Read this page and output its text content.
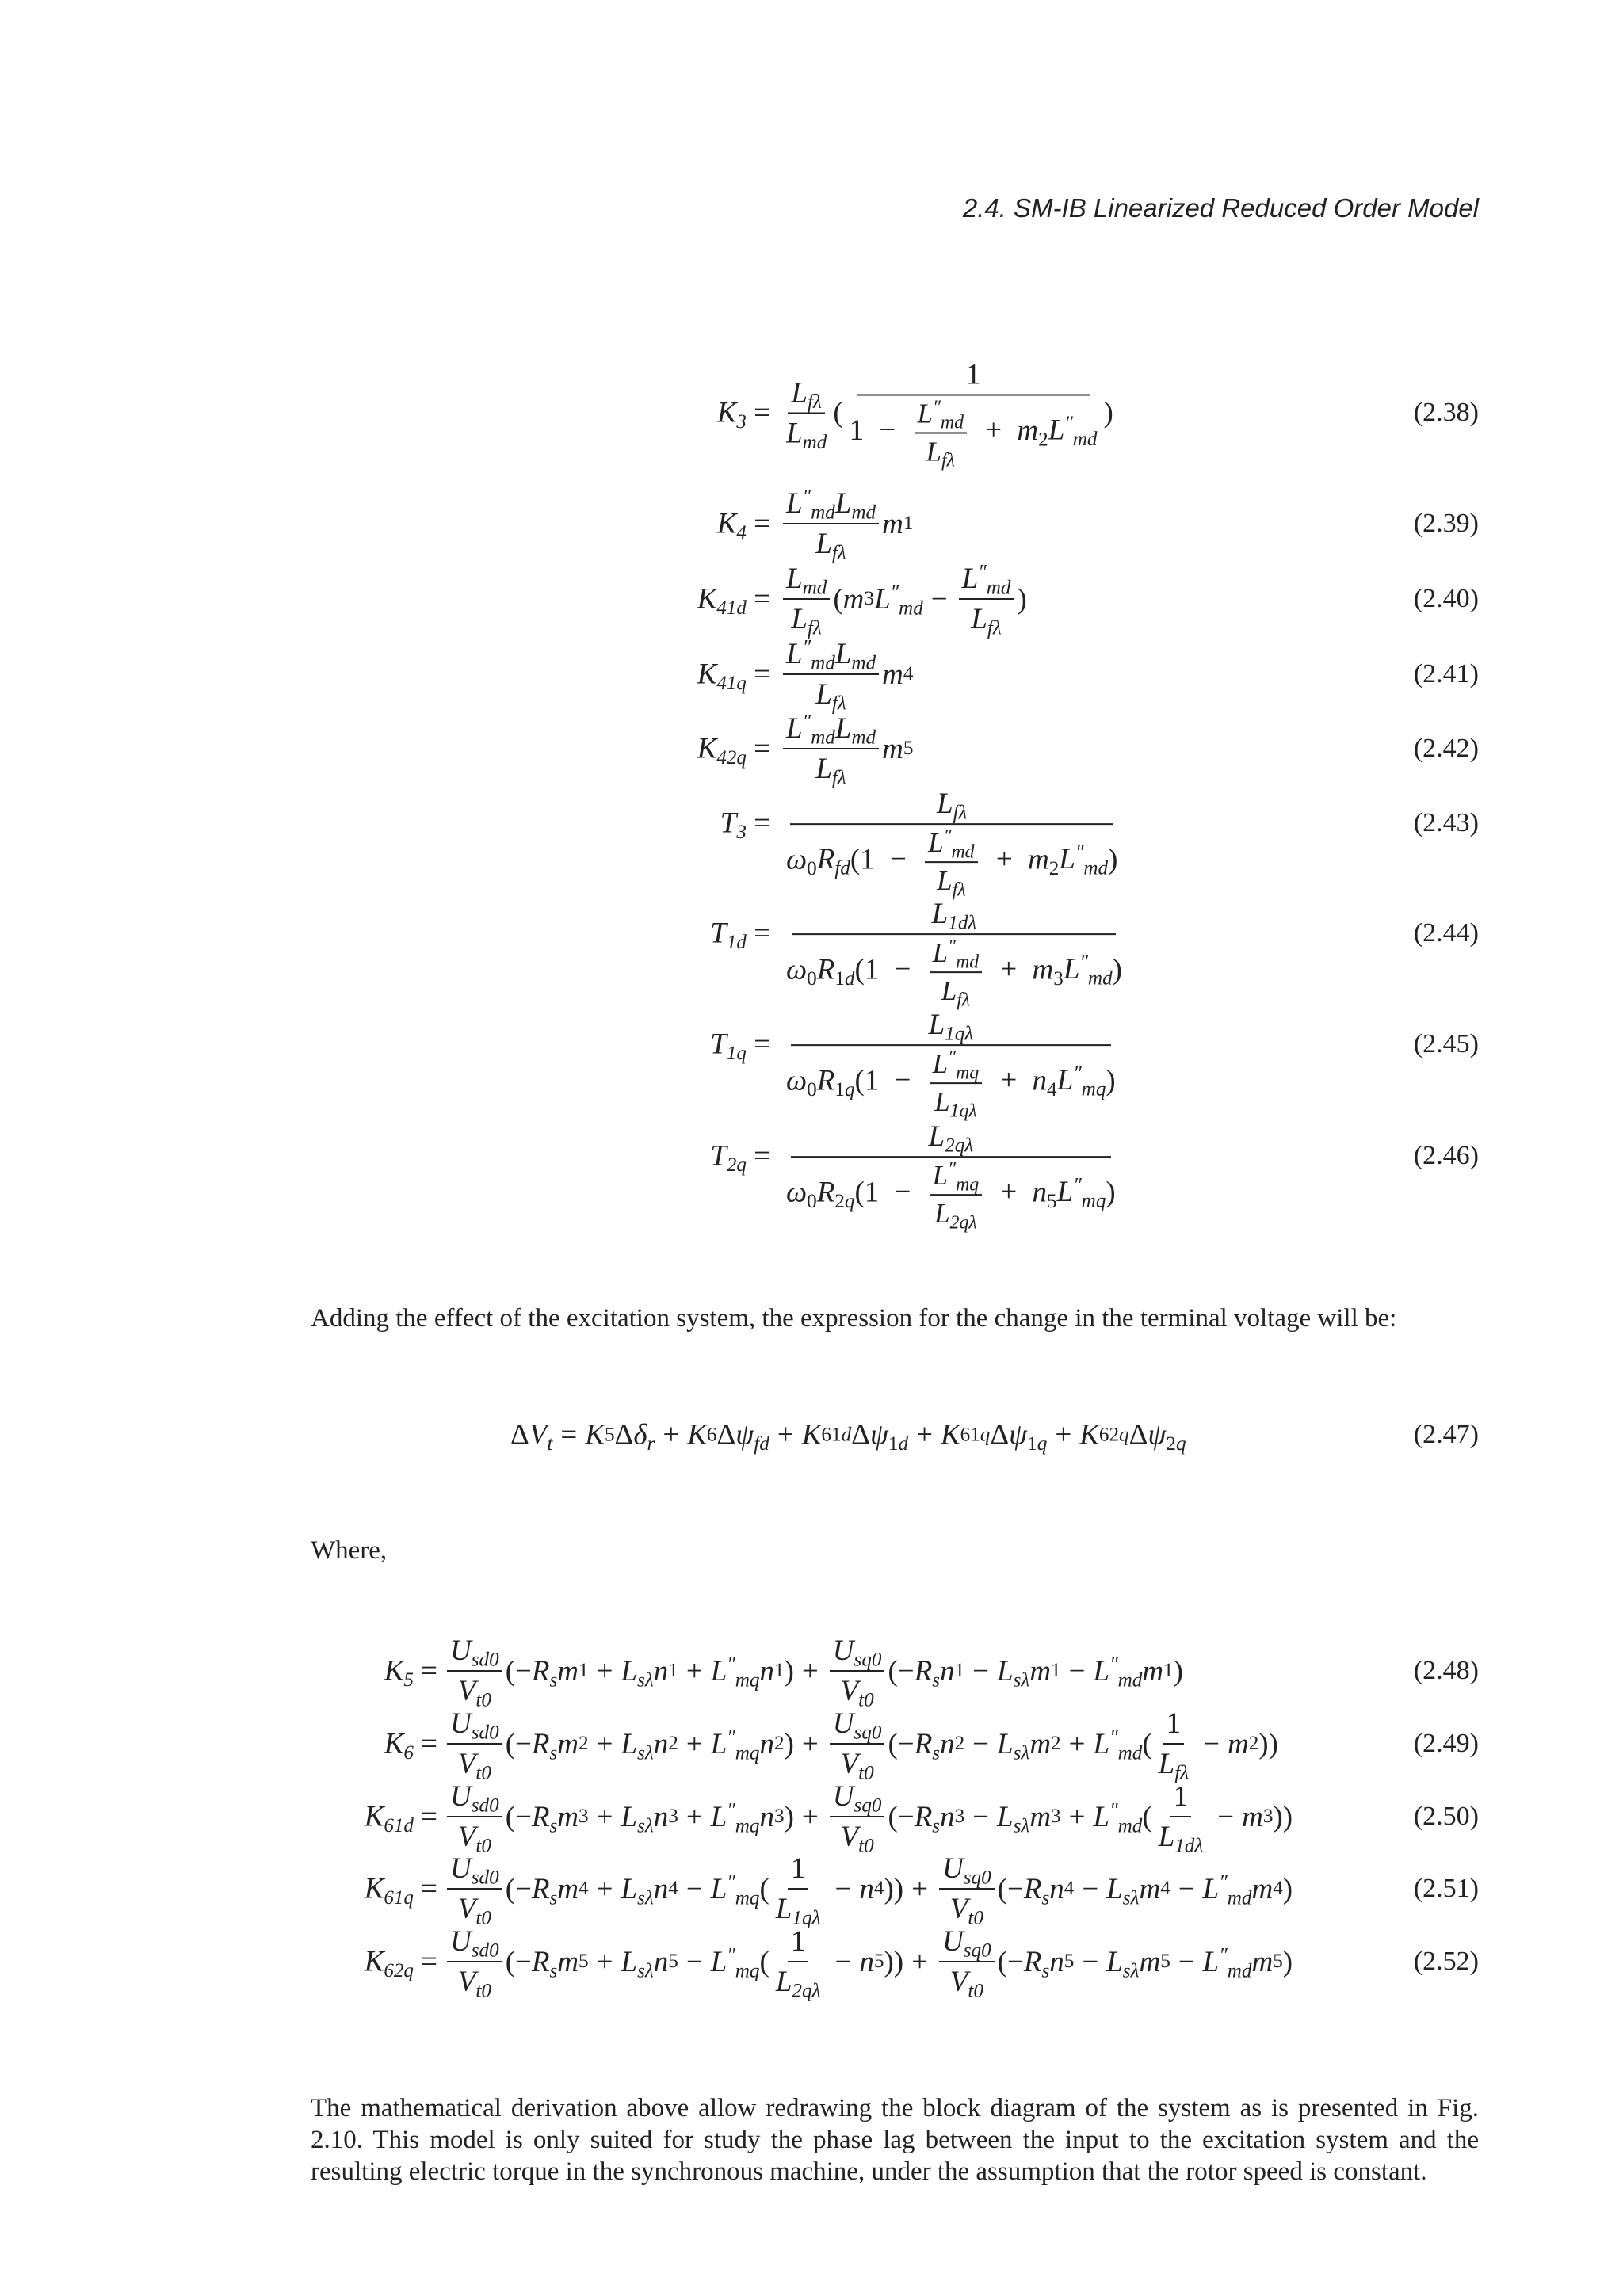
2.4. SM-IB Linearized Reduced Order Model
$K_3 = \frac{L_{f\lambda}}{L_{md}}$ ( $\frac{1}{1 - \frac{L''_{md}}{L_{f\lambda}} + m_2L''_{md}}$ )	(2.38)
$K_4 = \frac{L''_{md}L_{md}}{L_{f\lambda}}$ m 1	(2.39)
$K_{41d} = \frac{L_{md}}{L_{f\lambda}}$ ( m 3 $L''_{md} - \frac{L''_{md}}{L_{f\lambda}}$ )	(2.40)
$K_{41q} = \frac{L''_{md}L_{md}}{L_{f\lambda}}$ m 4	(2.41)
$K_{42q} = \frac{L''_{md}L_{md}}{L_{f\lambda}}$ m 5	(2.42)
$T_3 = \frac{L_{f\lambda}}{\omega_0R_{fd}(1 - \frac{L''_{md}}{L_{f\lambda}} + m_2L''_{md})}$	(2.43)
$T_{1d} = \frac{L_{1d\lambda}}{\omega_0R_{1d}(1 - \frac{L''_{md}}{L_{f\lambda}} + m_3L''_{md})}$	(2.44)
$T_{1q} = \frac{L_{1q\lambda}}{\omega_0R_{1q}(1 - \frac{L''_{mq}}{L_{1q\lambda}} + n_4L''_{mq})}$	(2.45)
$T_{2q} = \frac{L_{2q\lambda}}{\omega_0R_{2q}(1 - \frac{L''_{mq}}{L_{2q\lambda}} + n_5L''_{mq})}$	(2.46)
Adding the effect of the excitation system, the expression for the change in the terminal voltage will be:
$\Delta V_t = K$ 5 $\Delta\delta_r + K$ 6 $\Delta\psi_{fd} + K$ 61d $\Delta\psi_{1d} + K$ 61q $\Delta\psi_{1q} + K$ 62q $\Delta\psi_{2q}$	(2.47)
Where,
$K_5 = \frac{U_{sd0}}{V_{t0}}$ (− $R_sm$ $1 + L_{s\lambda}n$ $1 + L''_{mq}n$ 1 ) + $\frac{U_{sq0}}{V_{t0}}$ (− $R_sn$ $1 - L_{s\lambda}m$ $1 - L''_{md}m$ 1 )	(2.48)
$K_6 = \frac{U_{sd0}}{V_{t0}}$ (− $R_sm$ $2 + L_{s\lambda}n$ $2 + L''_{mq}n$ 2 ) + $\frac{U_{sq0}}{V_{t0}}$ (− $R_sn$ $2 - L_{s\lambda}m$ $2 + L''_{md}$ ( $\frac{1}{L_{f\lambda}} - m$ 2 ))	(2.49)
$K_{61d} = \frac{U_{sd0}}{V_{t0}}$ (− $R_sm$ $3 + L_{s\lambda}n$ $3 + L''_{mq}n$ 3 ) + $\frac{U_{sq0}}{V_{t0}}$ (− $R_sn$ $3 - L_{s\lambda}m$ $3 + L''_{md}$ ( $\frac{1}{L_{1d\lambda}} - m$ 3 ))	(2.50)
$K_{61q} = \frac{U_{sd0}}{V_{t0}}$ (− $R_sm$ $4 + L_{s\lambda}n$ $4 - L''_{mq}$ ( $\frac{1}{L_{1q\lambda}} - n$ 4 )) + $\frac{U_{sq0}}{V_{t0}}$ (− $R_sn$ $4 - L_{s\lambda}m$ $4 - L''_{md}m$ 4 )	(2.51)
$K_{62q} = \frac{U_{sd0}}{V_{t0}}$ (− $R_sm$ $5 + L_{s\lambda}n$ $5 - L''_{mq}$ ( $\frac{1}{L_{2q\lambda}} - n$ 5 )) + $\frac{U_{sq0}}{V_{t0}}$ (− $R_sn$ $5 - L_{s\lambda}m$ $5 - L''_{md}m$ 5 )	(2.52)
The mathematical derivation above allow redrawing the block diagram of the system as is presented in Fig. 2.10. This model is only suited for study the phase lag between the input to the excitation system and the resulting electric torque in the synchronous machine, under the assumption that the rotor speed is constant.
